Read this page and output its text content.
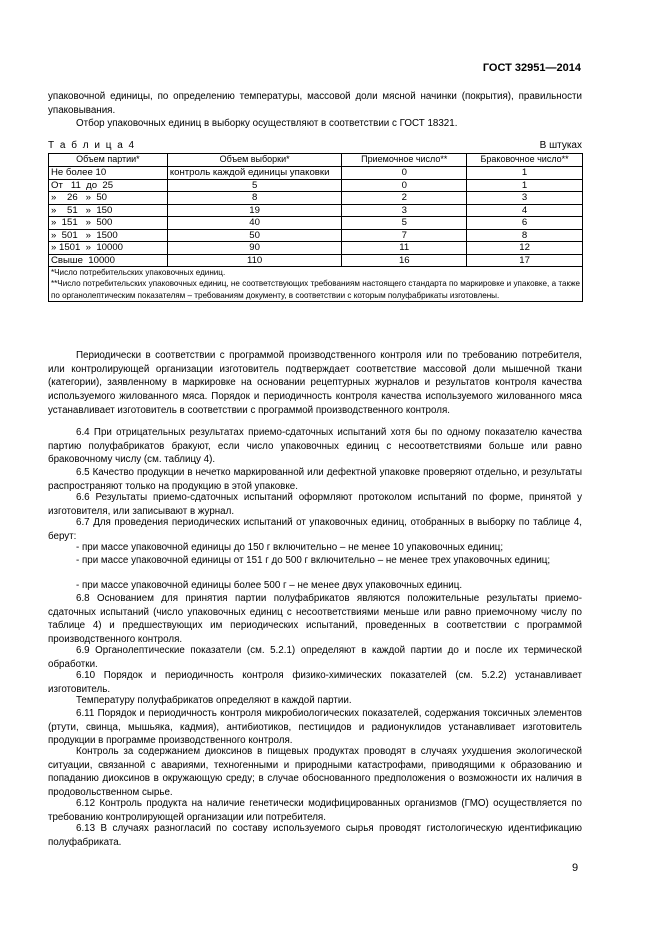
ГОСТ 32951—2014

упаковочной единицы, по определению температуры, массовой доли мясной начинки (покрытия), правильности упаковывания.

Отбор упаковочных единиц в выборку осуществляют в соответствии с ГОСТ 18321.

Т а б л и ц а 4	В штуках
Объем партии*	Объем выборки*	Приемочное число**	Браковочное число**
Не более 10	контроль каждой единицы упаковки	0	1
От   11  до  25	5	0	1
»    26   »  50	8	2	3
»    51   »  150	19	3	4
»  151   »  500	40	5	6
»  501   »  1500	50	7	8
» 1501  »  10000	90	11	12
Свыше  10000	110	16	17

*Число потребительских упаковочных единиц.
**Число потребительских упаковочных единиц, не соответствующих требованиям настоящего стандарта по маркировке и упаковке, а также по органолептическим показателям – требованиям документу, в соответствии с которым полуфабрикаты изготовлены.			

Периодически в соответствии с программой производственного контроля или по требованию потребителя, или контролирующей организации изготовитель подтверждает соответствие массовой доли мышечной ткани (категории), заявленному в маркировке на основании рецептурных журналов и результатов контроля качества используемого жилованного мяса. Порядок и периодичность контроля качества используемого жилованного мяса устанавливает изготовитель в соответствии с программой производственного контроля.

6.4 При отрицательных результатах приемо-сдаточных испытаний хотя бы по одному показателю качества партию полуфабрикатов бракуют, если число упаковочных единиц с несоответствиями больше или равно браковочному числу (см. таблицу 4).

6.5 Качество продукции в нечетко маркированной или дефектной упаковке проверяют отдельно, и результаты распространяют только на продукцию в этой упаковке.

6.6 Результаты приемо-сдаточных испытаний оформляют протоколом испытаний по форме, принятой у изготовителя, или записывают в журнал.

6.7 Для проведения периодических испытаний от упаковочных единиц, отобранных в выборку по таблице 4, берут:

- при массе упаковочной единицы до 150 г включительно – не менее 10 упаковочных единиц;

- при массе упаковочной единицы от 151 г до 500 г включительно – не менее трех упаковочных единиц;

- при массе упаковочной единицы более 500 г – не менее двух упаковочных единиц.

6.8 Основанием для принятия партии полуфабрикатов являются положительные результаты приемо-сдаточных испытаний (число упаковочных единиц с несоответствиями меньше или равно приемочному числу по таблице 4) и предшествующих им периодических испытаний, проведенных в соответствии с программой производственного контроля.

6.9 Органолептические показатели (см. 5.2.1) определяют в каждой партии до и после их термической обработки.

6.10 Порядок и периодичность контроля физико-химических показателей (см. 5.2.2) устанавливает изготовитель.

Температуру полуфабрикатов определяют в каждой партии.

6.11 Порядок и периодичность контроля микробиологических показателей, содержания токсичных элементов (ртути, свинца, мышьяка, кадмия), антибиотиков, пестицидов и радионуклидов устанавливает изготовитель продукции в программе производственного контроля.

Контроль за содержанием диоксинов в пищевых продуктах проводят в случаях ухудшения экологической ситуации, связанной с авариями, техногенными и природными катастрофами, приводящими к образованию и попаданию диоксинов в окружающую среду; в случае обоснованного предположения о возможности их наличия в продовольственном сырье.

6.12 Контроль продукта на наличие генетически модифицированных организмов (ГМО) осуществляется по требованию контролирующей организации или потребителя.

6.13 В случаях разногласий по составу используемого сырья проводят гистологическую идентификацию полуфабриката.

9
